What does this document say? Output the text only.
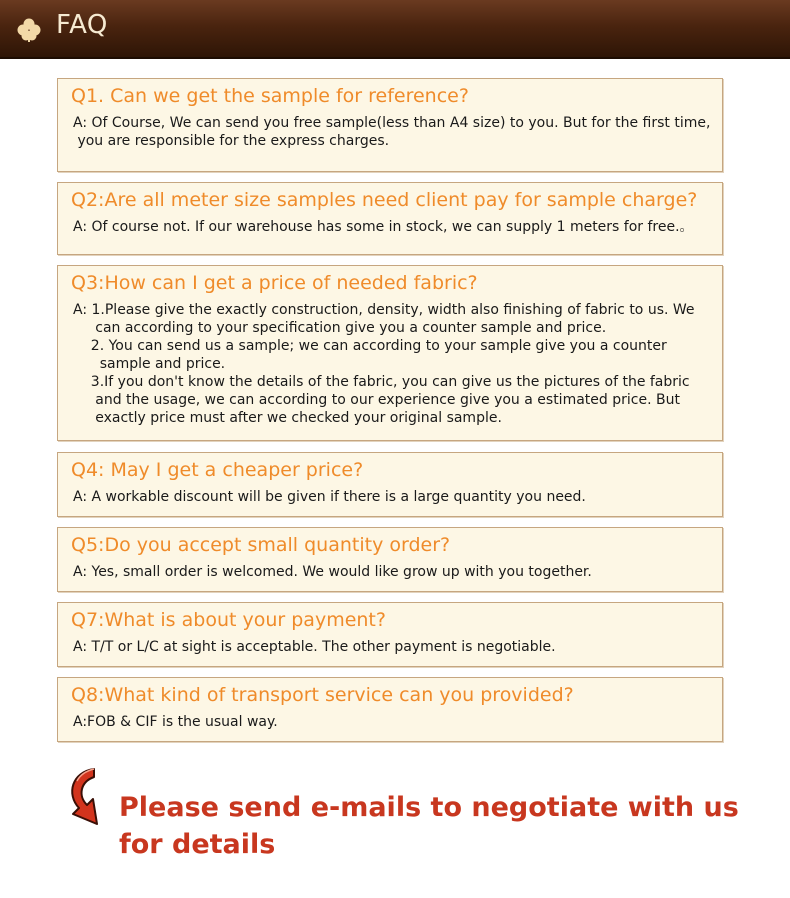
FAQ
Q1. Can we get the sample for reference?
A: Of Course, We can send you free sample(less than A4 size) to you. But for the first time,
you are responsible for the express charges.
Q2:Are all meter size samples need client pay for sample charge?
A: Of course not. If our warehouse has some in stock, we can supply 1 meters for free.。
Q3:How can I get a price of needed fabric?
A: 1.Please give the exactly construction, density, width also finishing of fabric to us. We
can according to your specification give you a counter sample and price.
2. You can send us a sample; we can according to your sample give you a counter
sample and price.
3.If you don't know the details of the fabric, you can give us the pictures of the fabric
and the usage, we can according to our experience give you a estimated price. But
exactly price must after we checked your original sample.
Q4: May I get a cheaper price?
A: A workable discount will be given if there is a large quantity you need.
Q5:Do you accept small quantity order?
A: Yes, small order is welcomed. We would like grow up with you together.
Q7:What is about your payment?
A: T/T or L/C at sight is acceptable. The other payment is negotiable.
Q8:What kind of transport service can you provided?
A:FOB & CIF is the usual way.
Please send e-mails to negotiate with us
for details
